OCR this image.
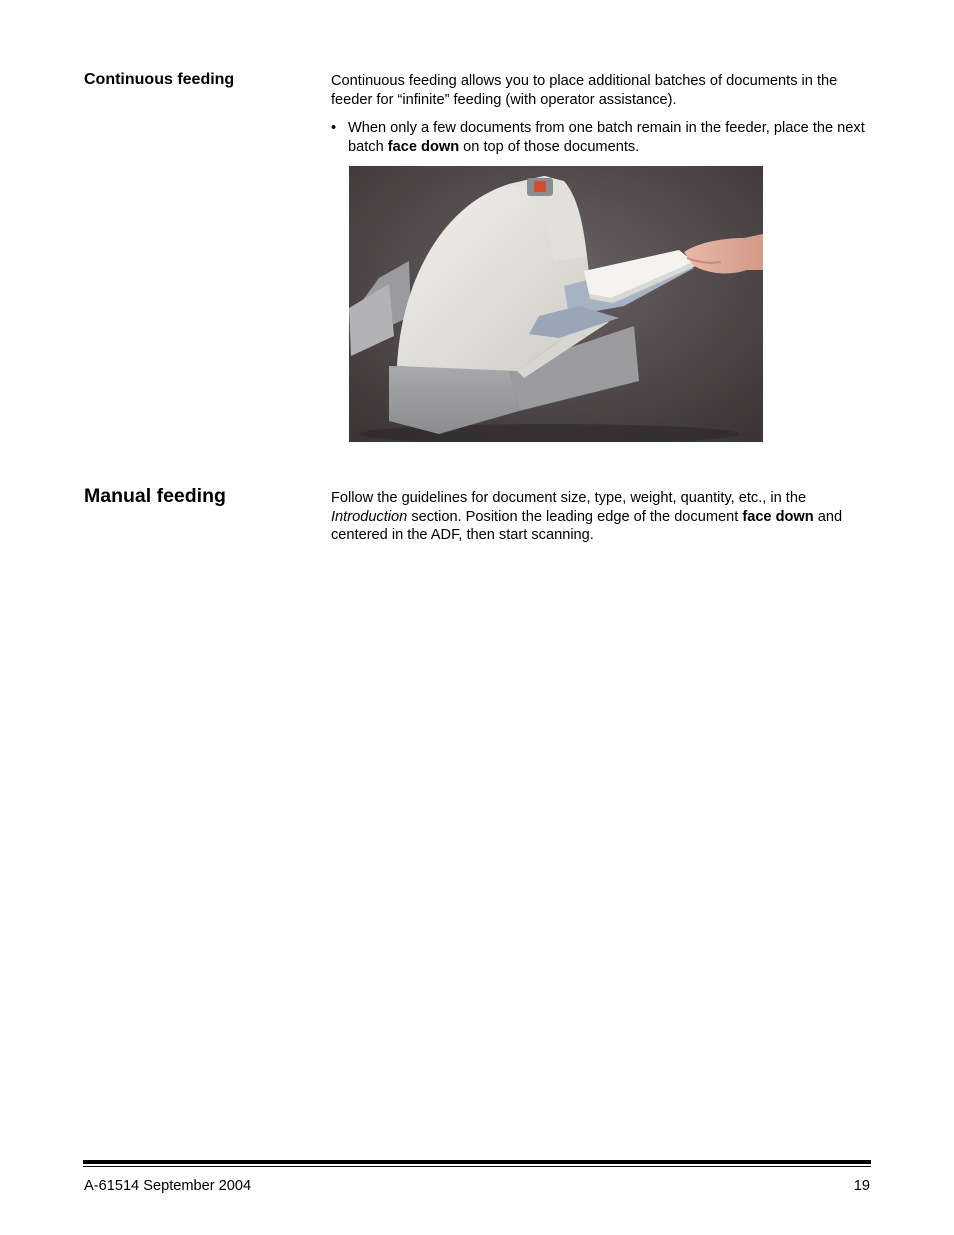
Continuous feeding	Continuous feeding allows you to place additional batches of documents in the feeder for “infinite” feeding (with operator assistance).

• When only a few documents from one batch remain in the feeder, place the next batch face down on top of those documents.
Manual feeding	Follow the guidelines for document size, type, weight, quantity, etc., in the Introduction section. Position the leading edge of the document face down and centered in the ADF, then start scanning.

A-61514 September 2004	19
